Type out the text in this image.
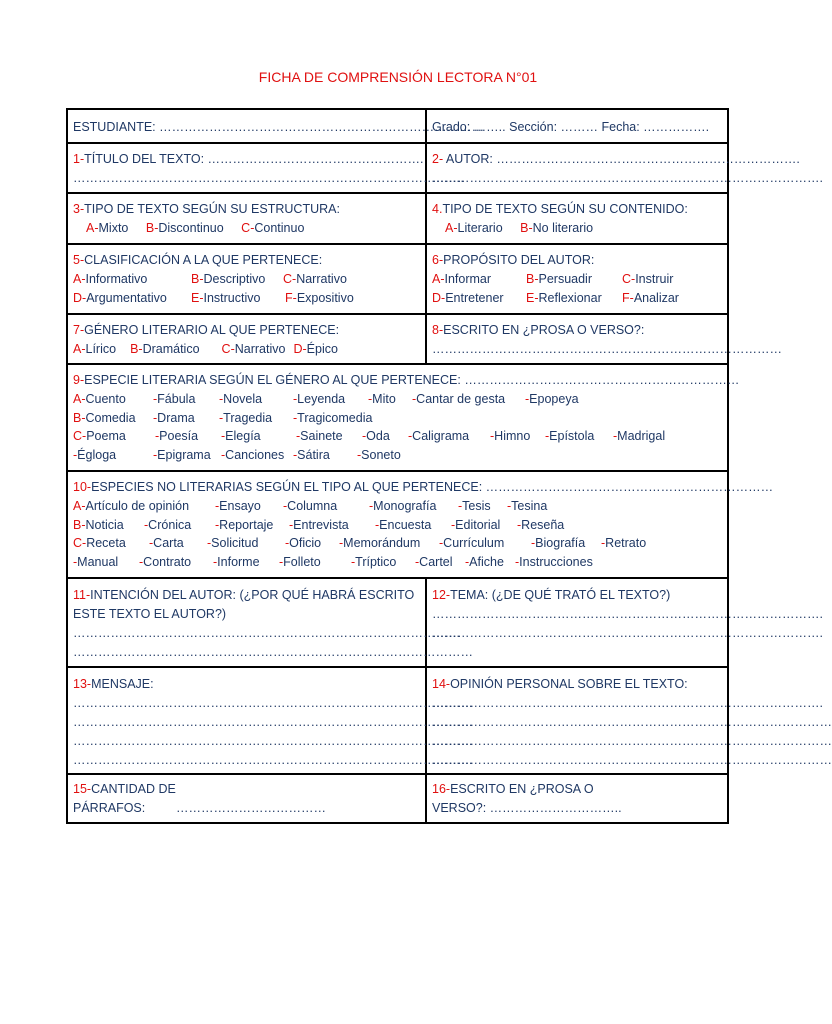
FICHA DE COMPRENSIÓN LECTORA N°01
ESTUDIANTE: ……………………………………………………………………
Grado: …….. Sección: ……… Fecha: …………….
1-TÍTULO DEL TEXTO: …………………………………………….
………………………………………………………………………………….
2- AUTOR: ……………………………………………………………….
………………………………………………………………………………….
3-TIPO DE TEXTO SEGÚN SU ESTRUCTURA:
A-Mixto B-Discontinuo C-Continuo
4.TIPO DE TEXTO SEGÚN SU CONTENIDO:
A-Literario B-No literario
5-CLASIFICACIÓN A LA QUE PERTENECE:
A-Informativo	B-Descriptivo C-Narrativo
D-Argumentativo E-Instructivo F-Expositivo
6-PROPÓSITO DEL AUTOR:
A-Informar	B-Persuadir C-Instruir
D-Entretener E-Reflexionar F-Analizar
7-GÉNERO LITERARIO AL QUE PERTENECE:
A-Lírico B-Dramático C-Narrativo D-Épico
8-ESCRITO EN ¿PROSA O VERSO?:
…………………………………………………………………………
9-ESPECIE LITERARIA SEGÚN EL GÉNERO AL QUE PERTENECE: …………………………………………………………
A-Cuento -Fábula -Novela -Leyenda -Mito -Cantar de gesta -Epopeya
B-Comedia -Drama -Tragedia -Tragicomedia
C-Poema -Poesía -Elegía	-Sainete -Oda -Caligrama -Himno -Epístola -Madrigal
-Égloga	-Epigrama -Canciones -Sátira -Soneto
10-ESPECIES NO LITERARIAS SEGÚN EL TIPO AL QUE PERTENECE: ……………………………………………………………
A-Artículo de opinión -Ensayo -Columna	-Monografía -Tesis -Tesina
B-Noticia -Crónica -Reportaje -Entrevista -Encuesta -Editorial -Reseña
C-Receta -Carta -Solicitud -Oficio -Memorándum -Currículum -Biografía -Retrato
-Manual -Contrato -Informe -Folleto -Tríptico -Cartel -Afiche -Instrucciones
11-INTENCIÓN DEL AUTOR: (¿POR QUÉ HABRÁ ESCRITO
ESTE TEXTO EL AUTOR?)
…………………………………………………………………………………
……………………………………………………………………………………
12-TEMA: (¿DE QUÉ TRATÓ EL TEXTO?)
………………………………………………………………………………….
………………………………………………………………………………….
13-MENSAJE:
……………………………………………………………………………………
……………………………………………………………………………………
……………………………………………………………………………………
……………………………………………………………………………………
14-OPINIÓN PERSONAL SOBRE EL TEXTO:
………………………………………………………………………………….
……………………………………………………………………………………
……………………………………………………………………………………
……………………………………………………………………………………
15-CANTIDAD DE
PÁRRAFOS: ………………………………
16-ESCRITO EN ¿PROSA O
VERSO?: …………………………..
